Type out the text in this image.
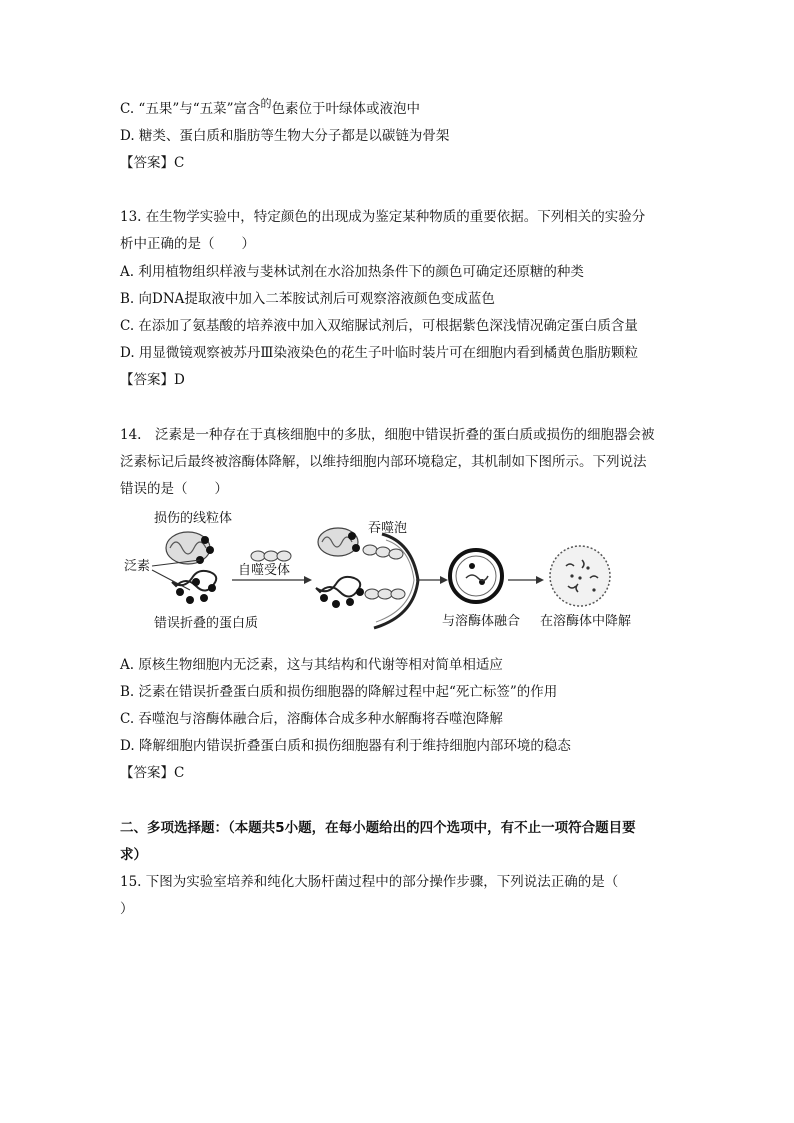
C. “五果”与“五菜”富含$^的$色素位于叶绿体或液泡中
D. 糖类、蛋白质和脂肪等生物大分子都是以碳链为骨架
【答案】C
13. 在生物学实验中，特定颜色的出现成为鉴定某种物质的重要依据。下列相关的实验分
析中正确的是（　　）
A. 利用植物组织样液与斐林试剂在水浴加热条件下的颜色可确定还原糖的种类
B. 向DNA提取液中加入二苯胺试剂后可观察溶液颜色变成蓝色
C. 在添加了氨基酸的培养液中加入双缩脲试剂后，可根据紫色深浅情况确定蛋白质含量
D. 用显微镜观察被苏丹Ⅲ染液染色的花生子叶临时装片可在细胞内看到橘黄色脂肪颗粒
【答案】D
14.　泛素是一种存在于真核细胞中的多肽，细胞中错误折叠的蛋白质或损伤的细胞器会被
泛素标记后最终被溶酶体降解，以维持细胞内部环境稳定，其机制如下图所示。下列说法
错误的是（　　）
损伤的线粒体
泛素
错误折叠的蛋白质
自噬受体
吞噬泡
与溶酶体融合 在溶酶体中降解
A. 原核生物细胞内无泛素，这与其结构和代谢等相对简单相适应
B. 泛素在错误折叠蛋白质和损伤细胞器的降解过程中起“死亡标签”的作用
C. 吞噬泡与溶酶体融合后，溶酶体合成多种水解酶将吞噬泡降解
D. 降解细胞内错误折叠蛋白质和损伤细胞器有利于维持细胞内部环境的稳态
【答案】C
二、多项选择题：（本题共5小题，在每小题给出的四个选项中，有不止一项符合题目要
求）
15. 下图为实验室培养和纯化大肠杆菌过程中的部分操作步骤，下列说法正确的是（
）
